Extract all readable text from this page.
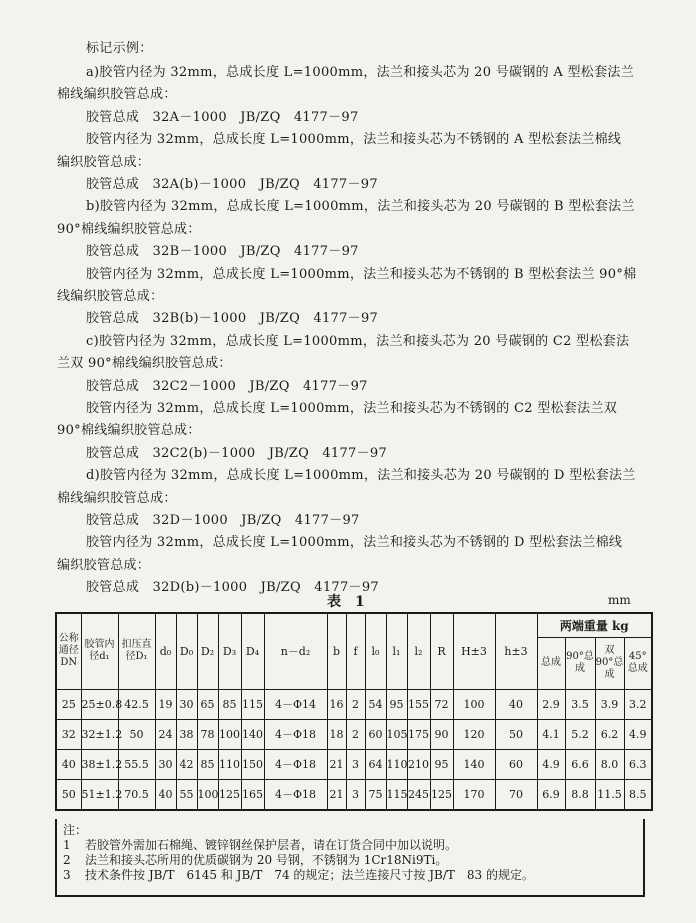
标记示例：
a)胶管内径为 32mm，总成长度 L=1000mm，法兰和接头芯为 20 号碳钢的 A 型松套法兰
棉线编织胶管总成：
胶管总成　32A－1000　JB/ZQ　4177－97
胶管内径为 32mm，总成长度 L=1000mm，法兰和接头芯为不锈钢的 A 型松套法兰棉线
编织胶管总成：
胶管总成　32A(b)－1000　JB/ZQ　4177－97
b)胶管内径为 32mm，总成长度 L=1000mm，法兰和接头芯为 20 号碳钢的 B 型松套法兰
90°棉线编织胶管总成：
胶管总成　32B－1000　JB/ZQ　4177－97
胶管内径为 32mm，总成长度 L=1000mm，法兰和接头芯为不锈钢的 B 型松套法兰 90°棉
线编织胶管总成：
胶管总成　32B(b)－1000　JB/ZQ　4177－97
c)胶管内径为 32mm，总成长度 L=1000mm，法兰和接头芯为 20 号碳钢的 C2 型松套法
兰双 90°棉线编织胶管总成：
胶管总成　32C2－1000　JB/ZQ　4177－97
胶管内径为 32mm，总成长度 L=1000mm，法兰和接头芯为不锈钢的 C2 型松套法兰双
90°棉线编织胶管总成：
胶管总成　32C2(b)－1000　JB/ZQ　4177－97
d)胶管内径为 32mm，总成长度 L=1000mm，法兰和接头芯为 20 号碳钢的 D 型松套法兰
棉线编织胶管总成：
胶管总成　32D－1000　JB/ZQ　4177－97
胶管内径为 32mm，总成长度 L=1000mm，法兰和接头芯为不锈钢的 D 型松套法兰棉线
编织胶管总成：
胶管总成　32D(b)－1000　JB/ZQ　4177－97
表　1	mm
公称通径DN	胶管内径d₁	扣压直径D₁	d₀	D₀	D₂	D₃	D₄	n－d₂	b	f	l₀	l₁	l₂	R	H±3	h±3	两端重量 kg			
																	总成	90°总成	双 90°总成	45°总成
25	25±0.8	42.5	19	30	65	85	115	4－Φ14	16	2	54	95	155	72	100	40	2.9	3.5	3.9	3.2
32	32±1.2	50	24	38	78	100	140	4－Φ18	18	2	60	105	175	90	120	50	4.1	5.2	6.2	4.9
40	38±1.2	55.5	30	42	85	110	150	4－Φ18	21	3	64	110	210	95	140	60	4.9	6.6	8.0	6.3
50	51±1.2	70.5	40	55	100	125	165	4－Φ18	21	3	75	115	245	125	170	70	6.9	8.8	11.5	8.5
注：
1 若胶管外需加石棉绳、镀锌钢丝保护层者，请在订货合同中加以说明。
2 法兰和接头芯所用的优质碳钢为 20 号钢，不锈钢为 1Cr18Ni9Ti。
3 技术条件按 JB/T　6145 和 JB/T　74 的规定；法兰连接尺寸按 JB/T　83 的规定。
